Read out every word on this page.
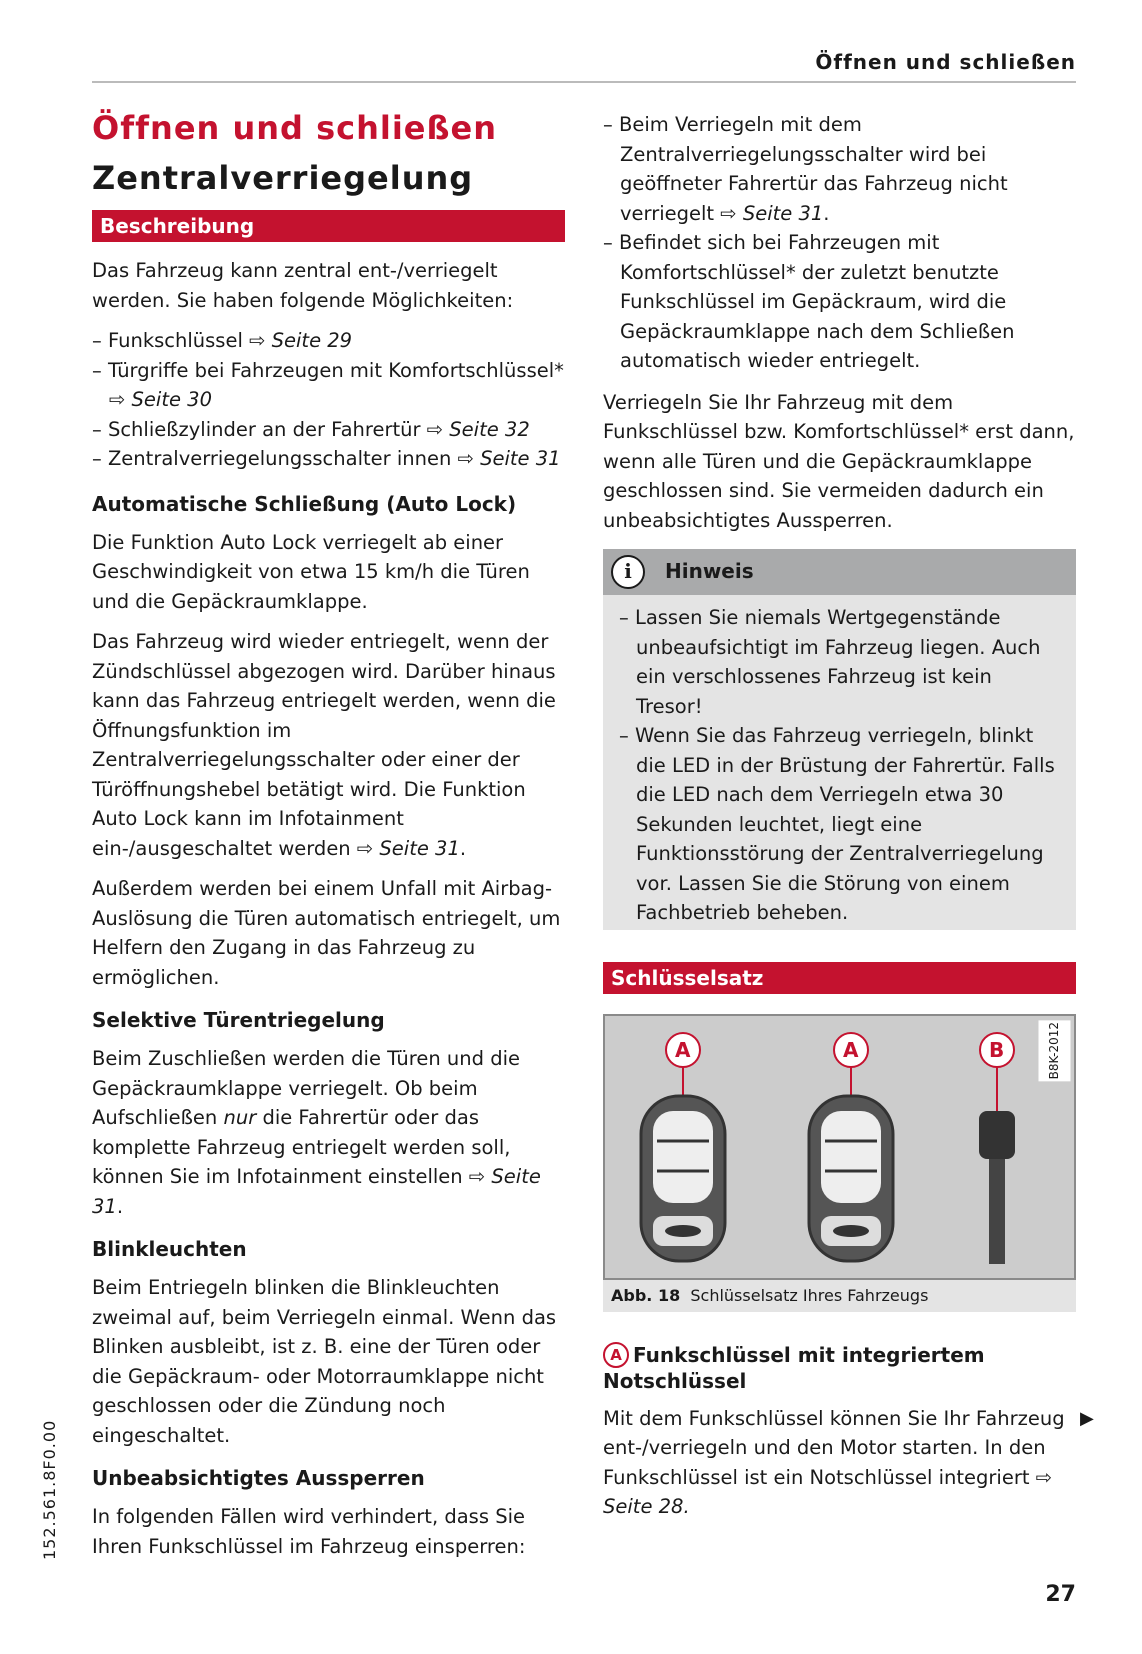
Öffnen und schließen
Öffnen und schließen
Zentralverriegelung
Beschreibung

Das Fahrzeug kann zentral ent-/verriegelt werden. Sie haben folgende Möglichkeiten:

– Funkschlüssel ⇨ Seite 29
– Türgriffe bei Fahrzeugen mit Komfortschlüssel* ⇨ Seite 30
– Schließzylinder an der Fahrertür ⇨ Seite 32
– Zentralverriegelungsschalter innen ⇨ Seite 31
Automatische Schließung (Auto Lock)

Die Funktion Auto Lock verriegelt ab einer Geschwindigkeit von etwa 15 km/h die Türen und die Gepäckraumklappe.

Das Fahrzeug wird wieder entriegelt, wenn der Zündschlüssel abgezogen wird. Darüber hinaus kann das Fahrzeug entriegelt werden, wenn die Öffnungsfunktion im Zentralverriegelungsschalter oder einer der Türöffnungshebel betätigt wird. Die Funktion Auto Lock kann im Infotainment ein-/ausgeschaltet werden ⇨ Seite 31.

Außerdem werden bei einem Unfall mit Airbag-Auslösung die Türen automatisch entriegelt, um Helfern den Zugang in das Fahrzeug zu ermöglichen.

Selektive Türentriegelung

Beim Zuschließen werden die Türen und die Gepäckraumklappe verriegelt. Ob beim Aufschließen nur die Fahrertür oder das komplette Fahrzeug entriegelt werden soll, können Sie im Infotainment einstellen ⇨ Seite 31.

Blinkleuchten

Beim Entriegeln blinken die Blinkleuchten zweimal auf, beim Verriegeln einmal. Wenn das Blinken ausbleibt, ist z. B. eine der Türen oder die Gepäckraum- oder Motorraumklappe nicht geschlossen oder die Zündung noch eingeschaltet.

Unbeabsichtigtes Aussperren

In folgenden Fällen wird verhindert, dass Sie Ihren Funkschlüssel im Fahrzeug einsperren:

– Beim Verriegeln mit dem Zentralverriegelungsschalter wird bei geöffneter Fahrertür das Fahrzeug nicht verriegelt ⇨ Seite 31.
– Befindet sich bei Fahrzeugen mit Komfortschlüssel* der zuletzt benutzte Funkschlüssel im Gepäckraum, wird die Gepäckraumklappe nach dem Schließen automatisch wieder entriegelt.

Verriegeln Sie Ihr Fahrzeug mit dem Funkschlüssel bzw. Komfortschlüssel* erst dann, wenn alle Türen und die Gepäckraumklappe geschlossen sind. Sie vermeiden dadurch ein unbeabsichtigtes Aussperren.

i	Hinweis
– Lassen Sie niemals Wertgegenstände unbeaufsichtigt im Fahrzeug liegen. Auch ein verschlossenes Fahrzeug ist kein Tresor!
– Wenn Sie das Fahrzeug verriegeln, blinkt die LED in der Brüstung der Fahrertür. Falls die LED nach dem Verriegeln etwa 30 Sekunden leuchtet, liegt eine Funktionsstörung der Zentralverriegelung vor. Lassen Sie die Störung von einem Fachbetrieb beheben.
Schlüsselsatz
A	A	B	B8K-2012
Abb. 18 Schlüsselsatz Ihres Fahrzeugs
A Funkschlüssel mit integriertem Notschlüssel

Mit dem Funkschlüssel können Sie Ihr Fahrzeug ent-/verriegeln und den Motor starten. In den Funkschlüssel ist ein Notschlüssel integriert ⇨ Seite 28.

▶
152.561.8F0.00
27
